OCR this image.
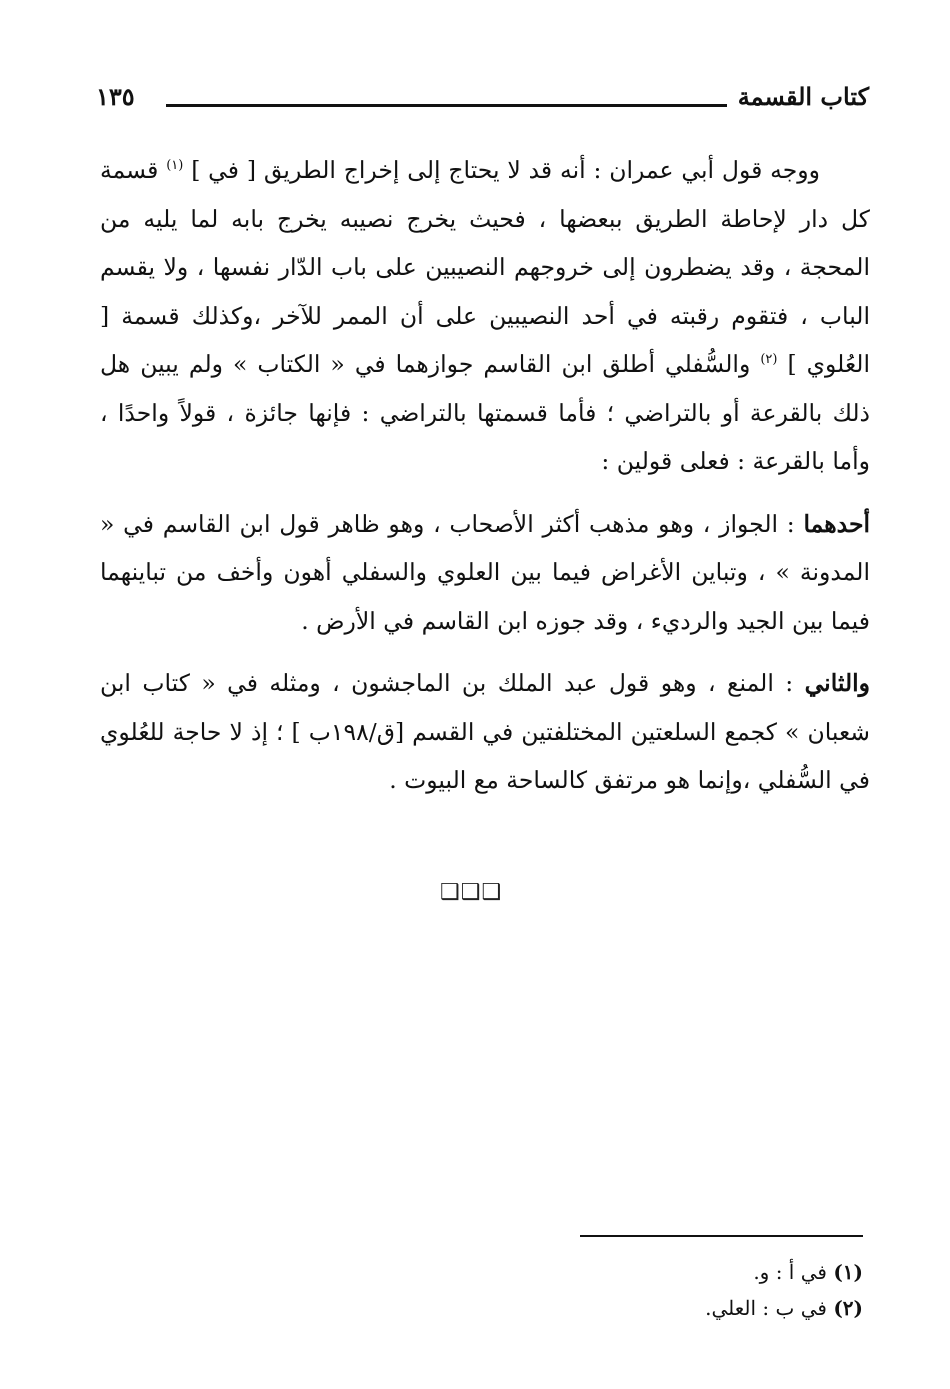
كتاب القسمة
١٣٥

ووجه قول أبي عمران : أنه قد لا يحتاج إلى إخراج الطريق [ في ] $^{(١)}$ قسمة كل دار لإحاطة الطريق ببعضها ، فحيث يخرج نصيبه يخرج بابه لما يليه من المحجة ، وقد يضطرون إلى خروجهم النصيبين على باب الدّار نفسها ، ولا يقسم الباب ، فتقوم رقبته في أحد النصيبين على أن الممر للآخر ،وكذلك قسمة [ العُلوي ] $^{(٢)}$ والسُّفلي أطلق ابن القاسم جوازهما في « الكتاب » ولم يبين هل ذلك بالقرعة أو بالتراضي ؛ فأما قسمتها بالتراضي : فإنها جائزة ، قولاً واحدًا ، وأما بالقرعة : فعلى قولين :

أحدهما : الجواز ، وهو مذهب أكثر الأصحاب ، وهو ظاهر قول ابن القاسم في « المدونة » ، وتباين الأغراض فيما بين العلوي والسفلي أهون وأخف من تباينهما فيما بين الجيد والرديء ، وقد جوزه ابن القاسم في الأرض .

والثاني : المنع ، وهو قول عبد الملك بن الماجشون ، ومثله في « كتاب ابن شعبان » كجمع السلعتين المختلفتين في القسم [ق/١٩٨ب ] ؛ إذ لا حاجة للعُلوي في السُّفلي ،وإنما هو مرتفق كالساحة مع البيوت .

❑❑❑
(١) في أ : و.
(٢) في ب : العلي.
